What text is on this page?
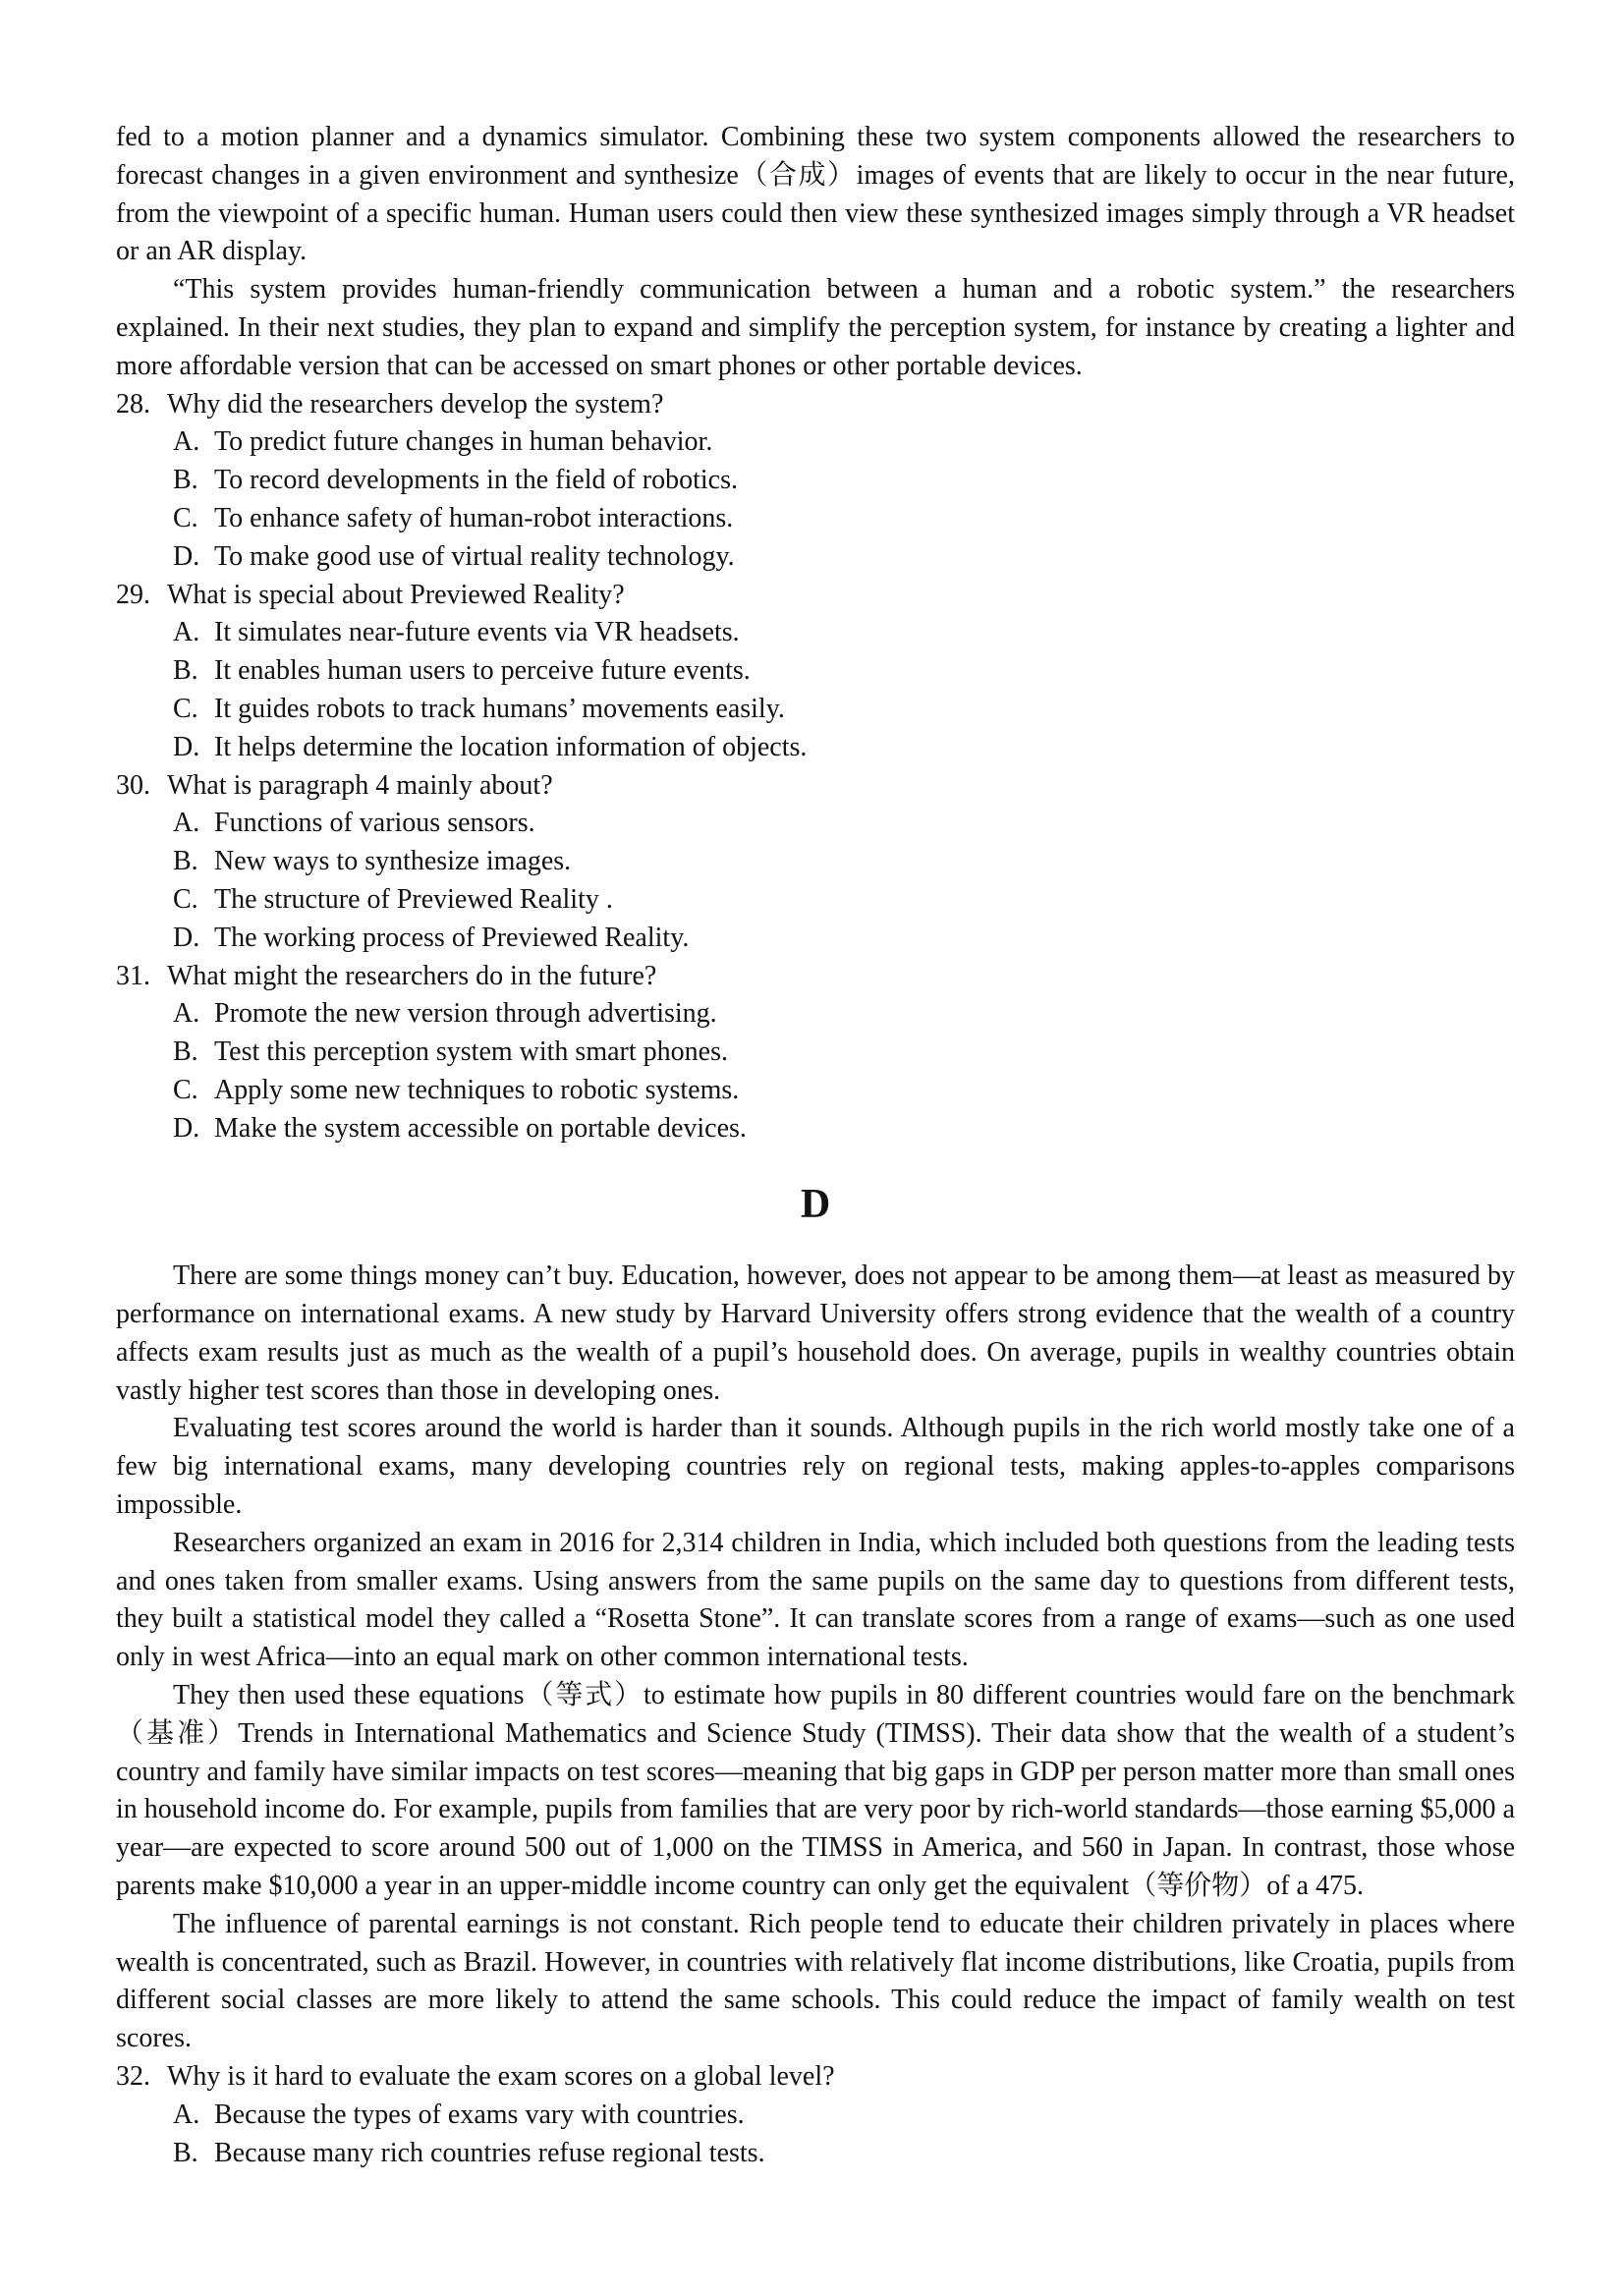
fed to a motion planner and a dynamics simulator. Combining these two system components allowed the researchers to forecast changes in a given environment and synthesize（合成）images of events that are likely to occur in the near future, from the viewpoint of a specific human. Human users could then view these synthesized images simply through a VR headset or an AR display.

“This system provides human-friendly communication between a human and a robotic system.” the researchers explained. In their next studies, they plan to expand and simplify the perception system, for instance by creating a lighter and more affordable version that can be accessed on smart phones or other portable devices.

28. Why did the researchers develop the system?
A. To predict future changes in human behavior.
B. To record developments in the field of robotics.
C. To enhance safety of human-robot interactions.
D. To make good use of virtual reality technology.
29. What is special about Previewed Reality?
A. It simulates near-future events via VR headsets.
B. It enables human users to perceive future events.
C. It guides robots to track humans’ movements easily.
D. It helps determine the location information of objects.
30. What is paragraph 4 mainly about?
A. Functions of various sensors.
B. New ways to synthesize images.
C. The structure of Previewed Reality .
D. The working process of Previewed Reality.
31. What might the researchers do in the future?
A. Promote the new version through advertising.
B. Test this perception system with smart phones.
C. Apply some new techniques to robotic systems.
D. Make the system accessible on portable devices.
D

There are some things money can’t buy. Education, however, does not appear to be among them—at least as measured by performance on international exams. A new study by Harvard University offers strong evidence that the wealth of a country affects exam results just as much as the wealth of a pupil’s household does. On average, pupils in wealthy countries obtain vastly higher test scores than those in developing ones.

Evaluating test scores around the world is harder than it sounds. Although pupils in the rich world mostly take one of a few big international exams, many developing countries rely on regional tests, making apples-to-apples comparisons impossible.

Researchers organized an exam in 2016 for 2,314 children in India, which included both questions from the leading tests and ones taken from smaller exams. Using answers from the same pupils on the same day to questions from different tests, they built a statistical model they called a “Rosetta Stone”. It can translate scores from a range of exams—such as one used only in west Africa—into an equal mark on other common international tests.

They then used these equations（等式）to estimate how pupils in 80 different countries would fare on the benchmark（基准）Trends in International Mathematics and Science Study (TIMSS). Their data show that the wealth of a student’s country and family have similar impacts on test scores—meaning that big gaps in GDP per person matter more than small ones in household income do. For example, pupils from families that are very poor by rich-world standards—those earning $5,000 a year—are expected to score around 500 out of 1,000 on the TIMSS in America, and 560 in Japan. In contrast, those whose parents make $10,000 a year in an upper-middle income country can only get the equivalent（等价物）of a 475.

The influence of parental earnings is not constant. Rich people tend to educate their children privately in places where wealth is concentrated, such as Brazil. However, in countries with relatively flat income distributions, like Croatia, pupils from different social classes are more likely to attend the same schools. This could reduce the impact of family wealth on test scores.

32. Why is it hard to evaluate the exam scores on a global level?
A. Because the types of exams vary with countries.
B. Because many rich countries refuse regional tests.
